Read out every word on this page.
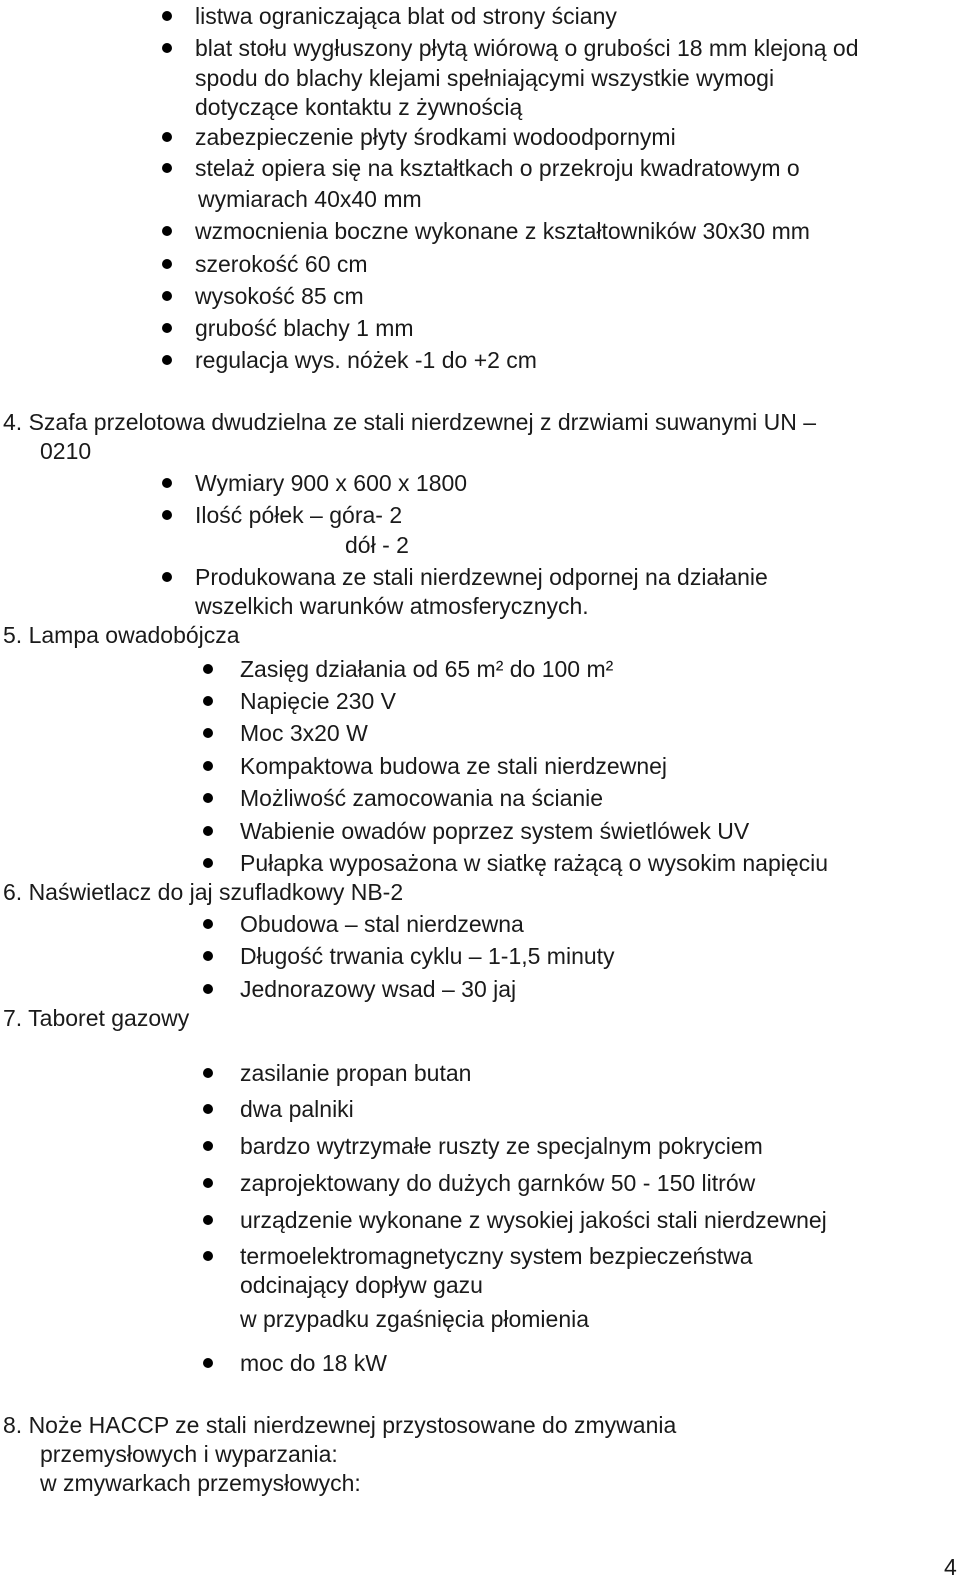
listwa ograniczająca blat od strony ściany
blat stołu wygłuszony płytą wiórową o grubości 18 mm klejoną od
spodu do blachy klejami spełniającymi wszystkie wymogi
dotyczące kontaktu z żywnością
zabezpieczenie płyty środkami wodoodpornymi
stelaż opiera się na kształtkach o przekroju kwadratowym o
wymiarach 40x40 mm
wzmocnienia boczne wykonane z kształtowników 30x30 mm
szerokość 60 cm
wysokość 85 cm
grubość blachy 1 mm
regulacja wys. nóżek -1 do +2 cm
4. Szafa przelotowa dwudzielna ze stali nierdzewnej z drzwiami suwanymi UN –
0210
Wymiary 900 x 600 x 1800
Ilość półek – góra- 2
dół - 2
Produkowana ze stali nierdzewnej odpornej na działanie
wszelkich warunków atmosferycznych.
5. Lampa owadobójcza
Zasięg działania od 65 m² do 100 m²
Napięcie 230 V
Moc 3x20 W
Kompaktowa budowa ze stali nierdzewnej
Możliwość zamocowania na ścianie
Wabienie owadów poprzez system świetlówek UV
Pułapka wyposażona w siatkę rażącą o wysokim napięciu
6. Naświetlacz do jaj szufladkowy NB-2
Obudowa – stal nierdzewna
Długość trwania cyklu – 1-1,5 minuty
Jednorazowy wsad – 30 jaj
7. Taboret gazowy
zasilanie propan butan
dwa palniki
bardzo wytrzymałe ruszty ze specjalnym pokryciem
zaprojektowany do dużych garnków 50 - 150 litrów
urządzenie wykonane z wysokiej jakości stali nierdzewnej
termoelektromagnetyczny system bezpieczeństwa
odcinający dopływ gazu
w przypadku zgaśnięcia płomienia
moc do 18 kW
8. Noże HACCP ze stali nierdzewnej przystosowane do zmywania
przemysłowych i wyparzania:
w zmywarkach przemysłowych:
4
